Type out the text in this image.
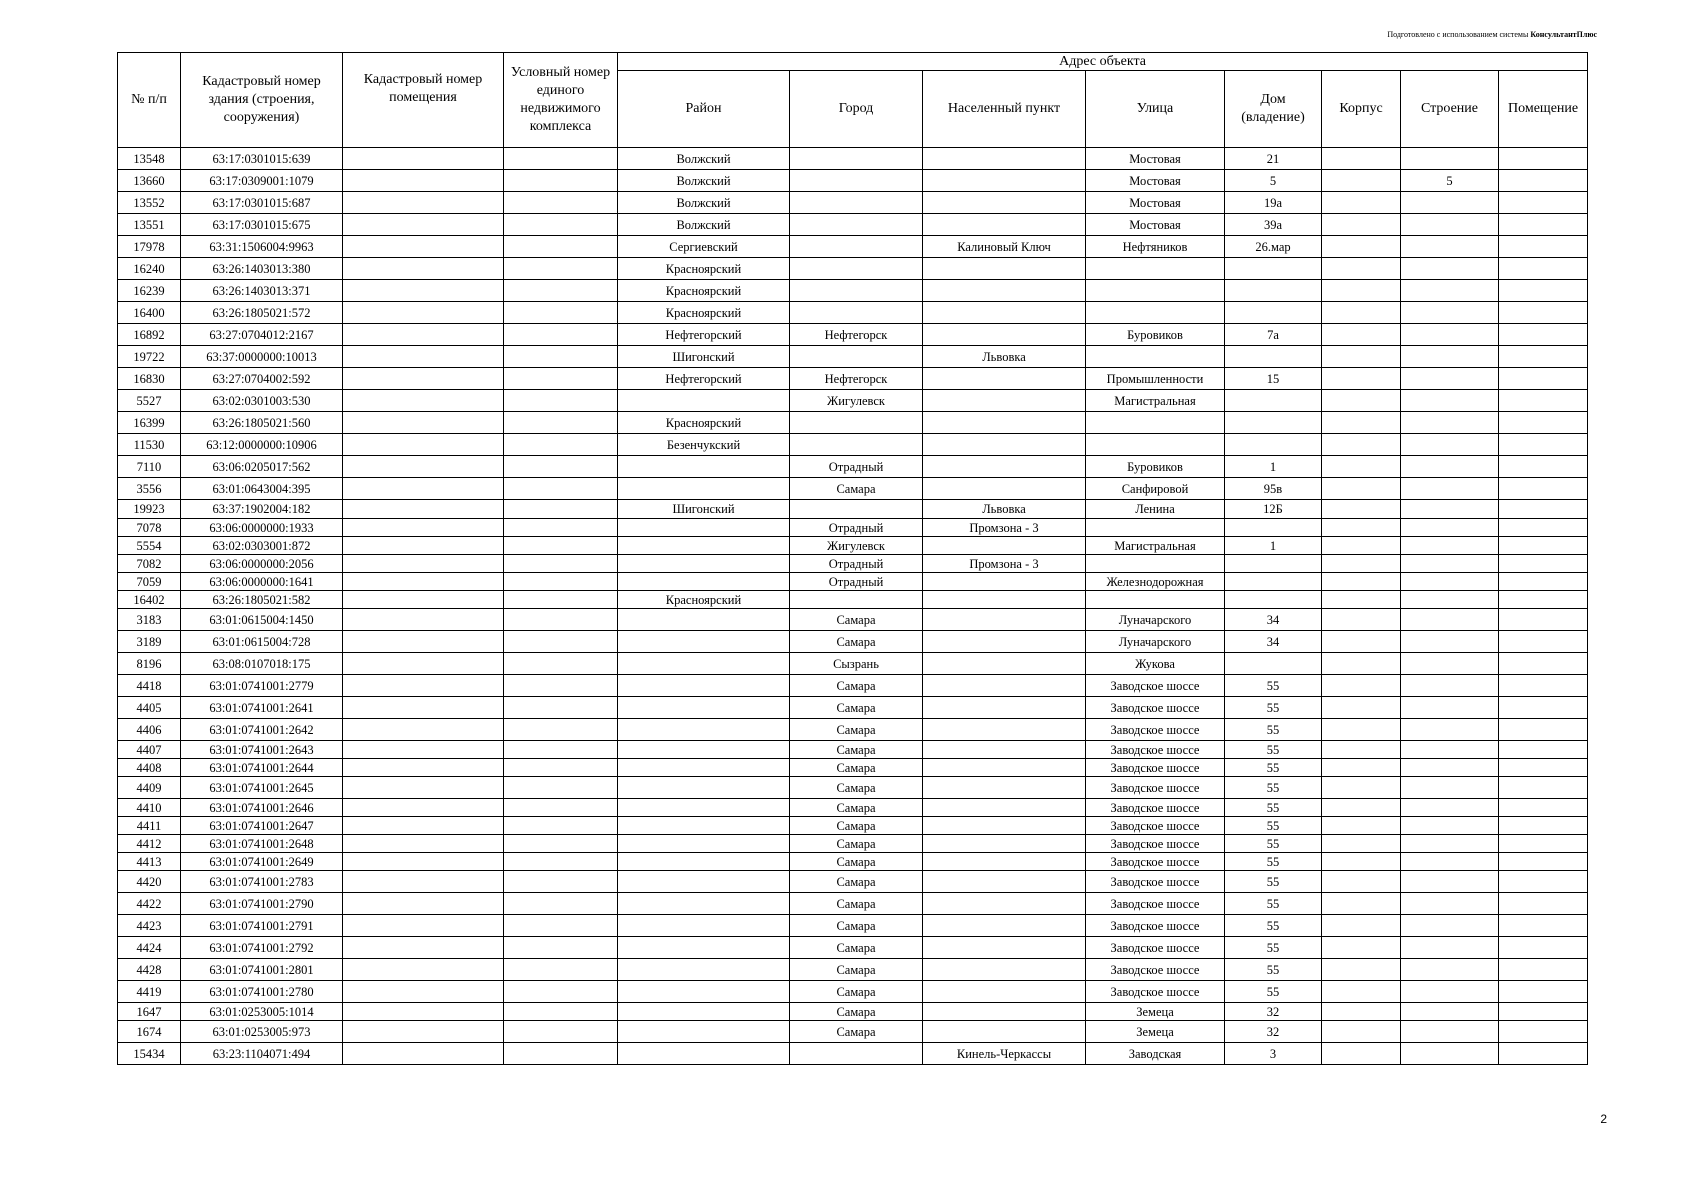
Подготовлено с использованием системы КонсультантПлюс
№ п/п	Кадастровый номер здания (строения, сооружения)	Кадастровый номер помещения	Условный номер единого недвижимого комплекса	Адрес объекта							
				Район	Город	Населенный пункт	Улица	Дом (владение)	Корпус	Строение	Помещение
13548	63:17:0301015:639			Волжский			Мостовая	21			
13660	63:17:0309001:1079			Волжский			Мостовая	5		5	
13552	63:17:0301015:687			Волжский			Мостовая	19а			
13551	63:17:0301015:675			Волжский			Мостовая	39а			
17978	63:31:1506004:9963			Сергиевский		Калиновый Ключ	Нефтяников	26.мар			
16240	63:26:1403013:380			Красноярский							
16239	63:26:1403013:371			Красноярский							
16400	63:26:1805021:572			Красноярский							
16892	63:27:0704012:2167			Нефтегорский	Нефтегорск		Буровиков	7а			
19722	63:37:0000000:10013			Шигонский		Львовка					
16830	63:27:0704002:592			Нефтегорский	Нефтегорск		Промышленности	15			
5527	63:02:0301003:530				Жигулевск		Магистральная				
16399	63:26:1805021:560			Красноярский							
11530	63:12:0000000:10906			Безенчукский							
7110	63:06:0205017:562				Отрадный		Буровиков	1			
3556	63:01:0643004:395				Самара		Санфировой	95в			
19923	63:37:1902004:182			Шигонский		Львовка	Ленина	12Б			
7078	63:06:0000000:1933				Отрадный	Промзона - 3					
5554	63:02:0303001:872				Жигулевск		Магистральная	1			
7082	63:06:0000000:2056				Отрадный	Промзона - 3					
7059	63:06:0000000:1641				Отрадный		Железнодорожная				
16402	63:26:1805021:582			Красноярский							
3183	63:01:0615004:1450				Самара		Луначарского	34			
3189	63:01:0615004:728				Самара		Луначарского	34			
8196	63:08:0107018:175				Сызрань		Жукова				
4418	63:01:0741001:2779				Самара		Заводское шоссе	55			
4405	63:01:0741001:2641				Самара		Заводское шоссе	55			
4406	63:01:0741001:2642				Самара		Заводское шоссе	55			
4407	63:01:0741001:2643				Самара		Заводское шоссе	55			
4408	63:01:0741001:2644				Самара		Заводское шоссе	55			
4409	63:01:0741001:2645				Самара		Заводское шоссе	55			
4410	63:01:0741001:2646				Самара		Заводское шоссе	55			
4411	63:01:0741001:2647				Самара		Заводское шоссе	55			
4412	63:01:0741001:2648				Самара		Заводское шоссе	55			
4413	63:01:0741001:2649				Самара		Заводское шоссе	55			
4420	63:01:0741001:2783				Самара		Заводское шоссе	55			
4422	63:01:0741001:2790				Самара		Заводское шоссе	55			
4423	63:01:0741001:2791				Самара		Заводское шоссе	55			
4424	63:01:0741001:2792				Самара		Заводское шоссе	55			
4428	63:01:0741001:2801				Самара		Заводское шоссе	55			
4419	63:01:0741001:2780				Самара		Заводское шоссе	55			
1647	63:01:0253005:1014				Самара		Земеца	32			
1674	63:01:0253005:973				Самара		Земеца	32			
15434	63:23:1104071:494					Кинель-Черкассы	Заводская	3			
2
